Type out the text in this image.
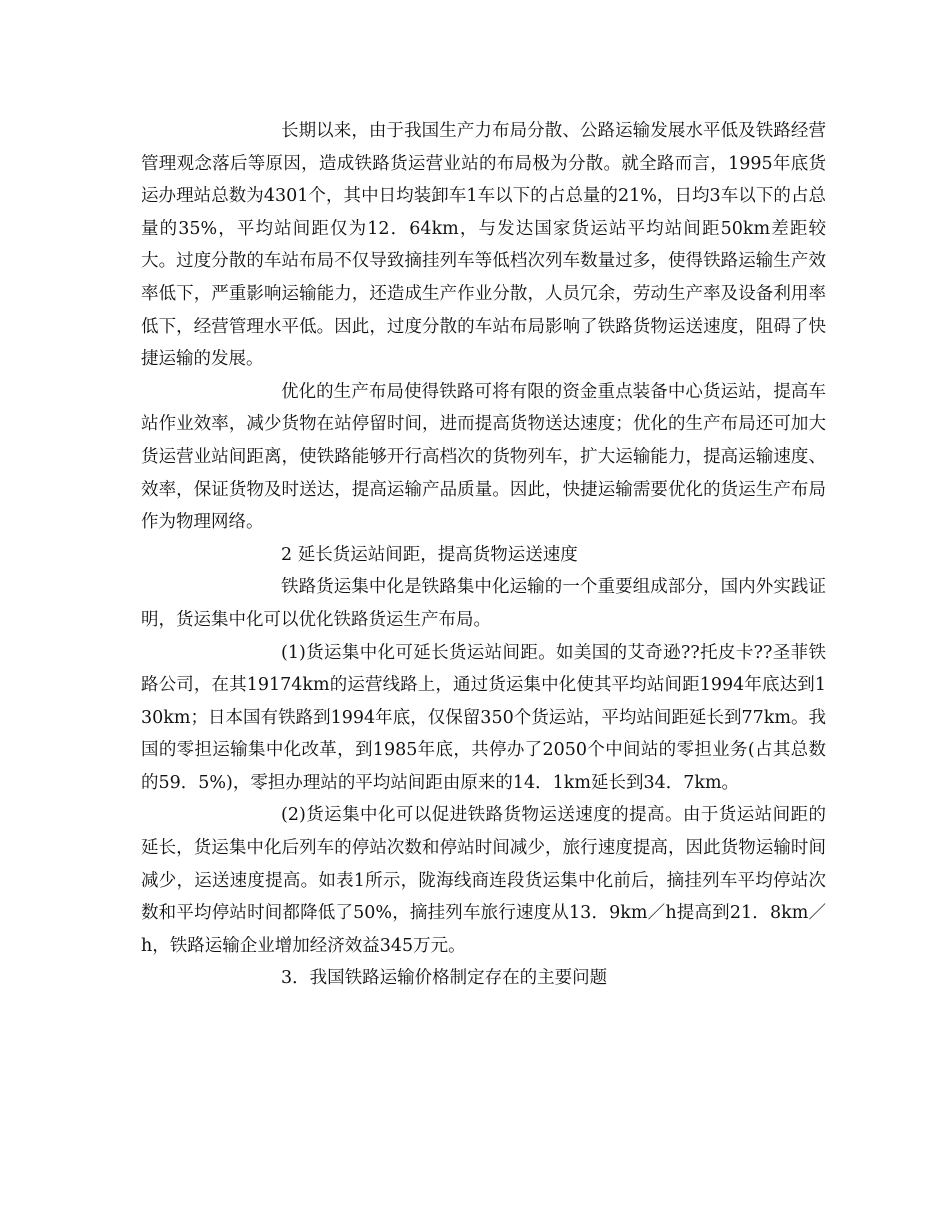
长期以来，由于我国生产力布局分散、公路运输发展水平低及铁路经营管理观念落后等原因，造成铁路货运营业站的布局极为分散。就全路而言，1995年底货运办理站总数为4301个，其中日均装卸车1车以下的占总量的21%，日均3车以下的占总量的35%，平均站间距仅为12．64km，与发达国家货运站平均站间距50km差距较大。过度分散的车站布局不仅导致摘挂列车等低档次列车数量过多，使得铁路运输生产效率低下，严重影响运输能力，还造成生产作业分散，人员冗余，劳动生产率及设备利用率低下，经营管理水平低。因此，过度分散的车站布局影响了铁路货物运送速度，阻碍了快捷运输的发展。

优化的生产布局使得铁路可将有限的资金重点装备中心货运站，提高车站作业效率，减少货物在站停留时间，进而提高货物送达速度；优化的生产布局还可加大货运营业站间距离，使铁路能够开行高档次的货物列车，扩大运输能力，提高运输速度、效率，保证货物及时送达，提高运输产品质量。因此，快捷运输需要优化的货运生产布局作为物理网络。

2 延长货运站间距，提高货物运送速度

铁路货运集中化是铁路集中化运输的一个重要组成部分，国内外实践证明，货运集中化可以优化铁路货运生产布局。

(1)货运集中化可延长货运站间距。如美国的艾奇逊??托皮卡??圣菲铁路公司，在其19174km的运营线路上，通过货运集中化使其平均站间距1994年底达到130km；日本国有铁路到1994年底，仅保留350个货运站，平均站间距延长到77km。我国的零担运输集中化改革，到1985年底，共停办了2050个中间站的零担业务(占其总数的59．5%)，零担办理站的平均站间距由原来的14．1km延长到34．7km。

(2)货运集中化可以促进铁路货物运送速度的提高。由于货运站间距的延长，货运集中化后列车的停站次数和停站时间减少，旅行速度提高，因此货物运输时间减少，运送速度提高。如表1所示，陇海线商连段货运集中化前后，摘挂列车平均停站次数和平均停站时间都降低了50%，摘挂列车旅行速度从13．9km／h提高到21．8km／h，铁路运输企业增加经济效益345万元。

3．我国铁路运输价格制定存在的主要问题
